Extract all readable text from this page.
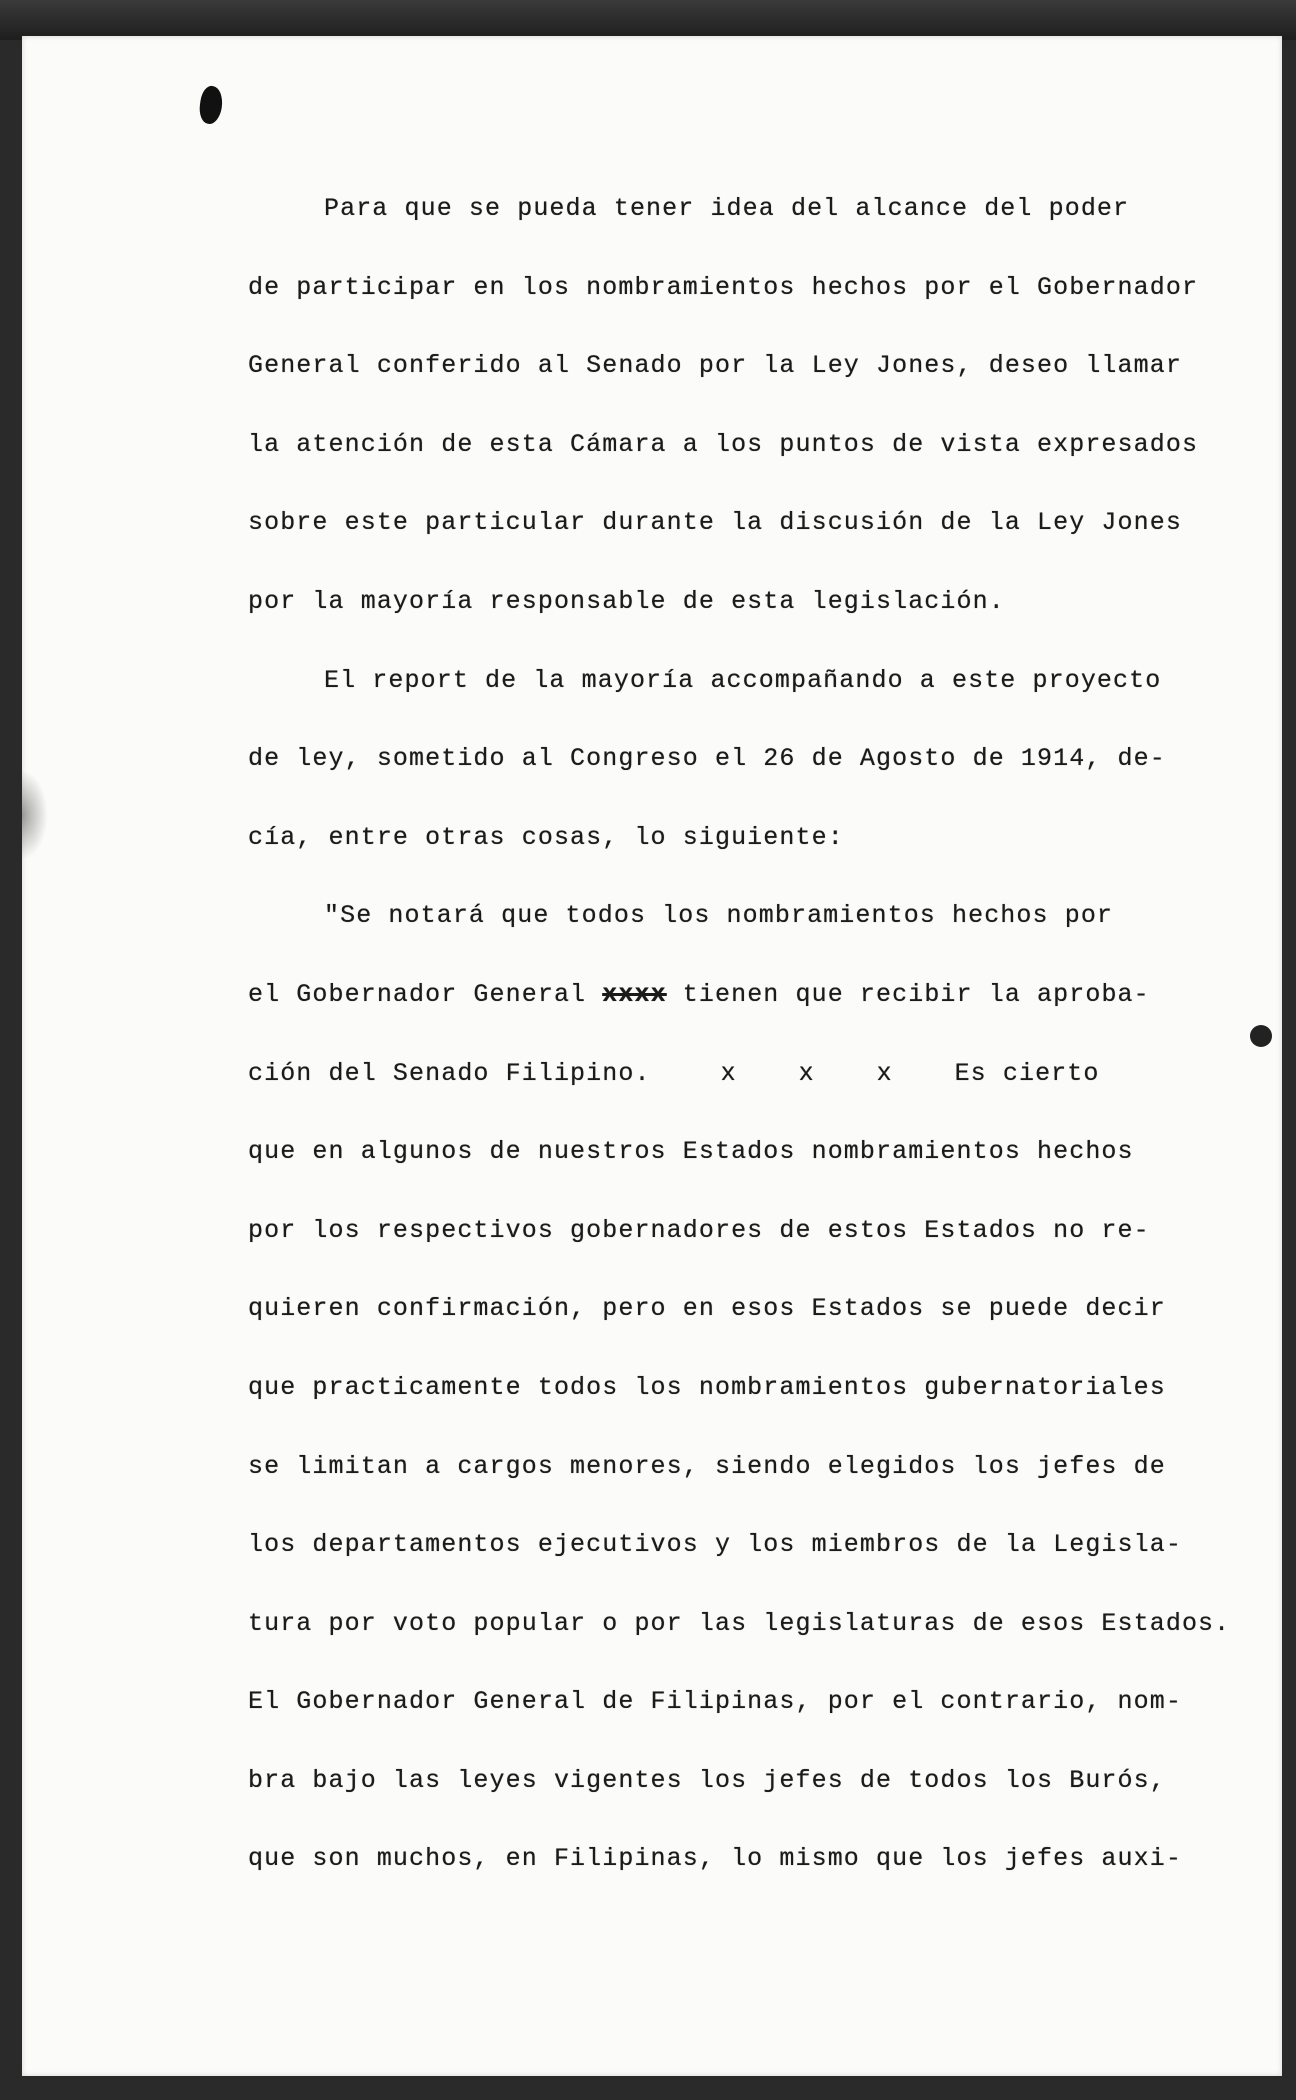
Para que se pueda tener idea del alcance del poder
de participar en los nombramientos hechos por el Gobernador
General conferido al Senado por la Ley Jones, deseo llamar
la atención de esta Cámara a los puntos de vista expresados
sobre este particular durante la discusión de la Ley Jones
por la mayoría responsable de esta legislación.
El report de la mayoría accompañando a este proyecto
de ley, sometido al Congreso el 26 de Agosto de 1914, de-
cía, entre otras cosas, lo siguiente:
"Se notará que todos los nombramientos hechos por
el Gobernador General xxxx tienen que recibir la aproba-
ción del Senado Filipino.	x	x	x	Es cierto
que en algunos de nuestros Estados nombramientos hechos
por los respectivos gobernadores de estos Estados no re-
quieren confirmación, pero en esos Estados se puede decir
que practicamente todos los nombramientos gubernatoriales
se limitan a cargos menores, siendo elegidos los jefes de
los departamentos ejecutivos y los miembros de la Legisla-
tura por voto popular o por las legislaturas de esos Estados.
El Gobernador General de Filipinas, por el contrario, nom-
bra bajo las leyes vigentes los jefes de todos los Burós,
que son muchos, en Filipinas, lo mismo que los jefes auxi-
